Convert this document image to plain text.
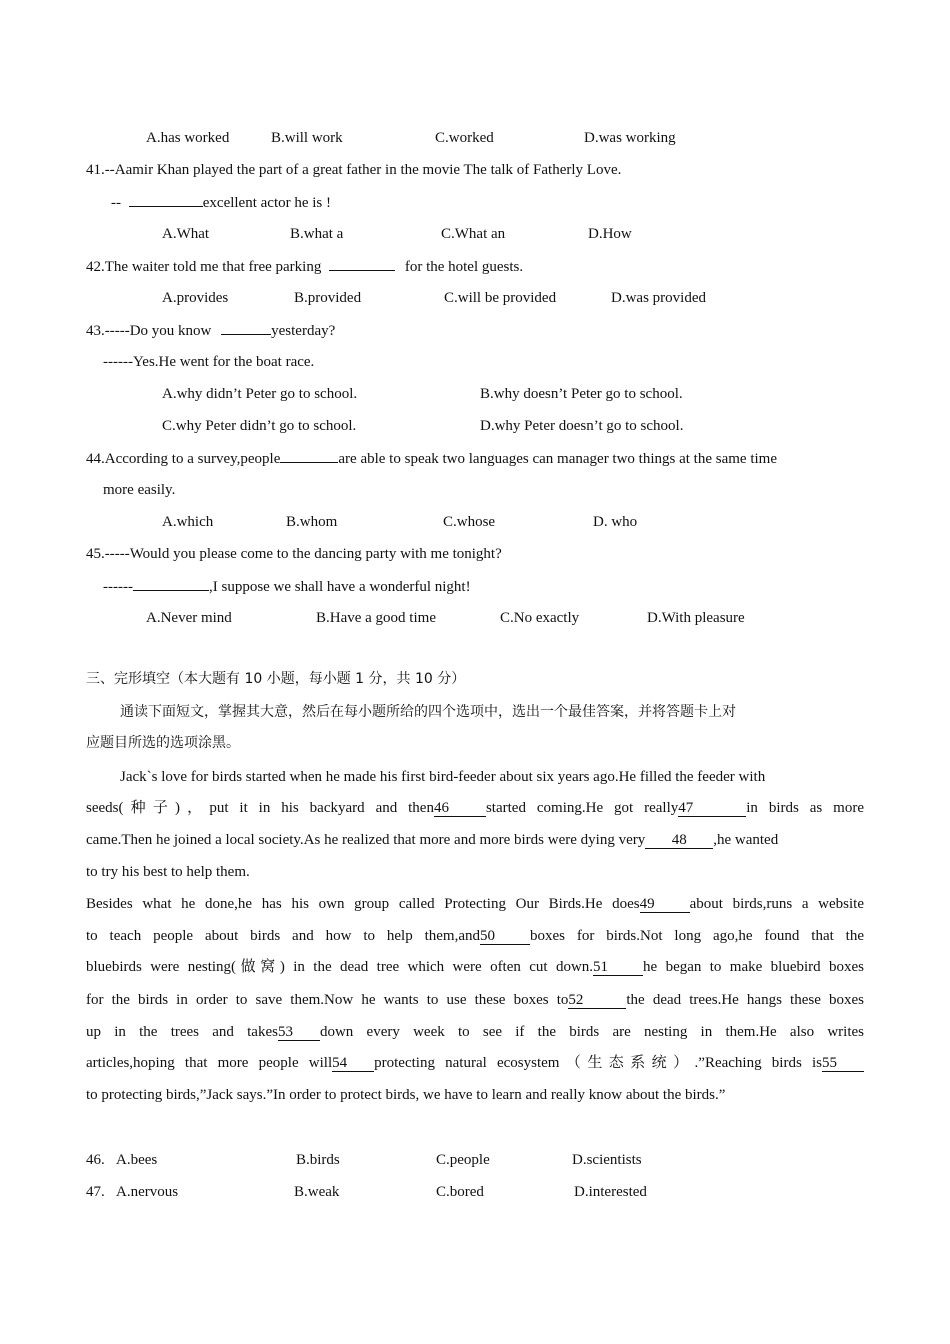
A.has worked	B.will work	C.worked	D.was working
41.--Aamir Khan played the part of a great father in the movie The talk of Fatherly Love.
--	excellent actor he is !
A.What	B.what a	C.What an	D.How
42.The waiter told me that free parking	for the hotel guests.
A.provides	B.provided	C.will be provided	D.was provided
43.-----Do you know	yesterday?
------Yes.He went for the boat race.
A.why didn’t Peter go to school.	B.why doesn’t Peter go to school.
C.why Peter didn’t go to school.	D.why Peter doesn’t go to school.
44.According to a survey,people	are able to speak two languages can manager two things at the same time
more easily.
A.which	B.whom	C.whose	D. who
45.-----Would you please come to the dancing party with me tonight?
------	,I suppose we shall have a wonderful night!
A.Never mind	B.Have a good time	C.No exactly	D.With pleasure
三、完形填空（本大题有 10 小题，每小题 1 分，共 10 分）
通读下面短文，掌握其大意，然后在每小题所给的四个选项中，选出一个最佳答案，并将答题卡上对
应题目所选的选项涂黑。
Jack`s love for birds started when he made his first bird-feeder about six years ago.He filled the feeder with
seeds(种子)，put it in his backyard and then46 started coming.He got really47	in birds as more
came.Then he joined a local society.As he realized that more and more birds were dying very 48 ,he wanted
to try his best to help them.
Besides what he done,he has his own group called Protecting Our Birds.He does49 about birds,runs a website
to teach people about birds and how to help them,and50 boxes for birds.Not long ago,he found that the
bluebirds were nesting(做窝) in the dead tree which were often cut down.51 he began to make bluebird boxes
for the birds in order to save them.Now he wants to use these boxes to52	the dead trees.He hangs these boxes
up in the trees and takes53 down every week to see if the birds are nesting in them.He also writes
articles,hoping that more people will54 protecting natural ecosystem（生态系统）.”Reaching birds is55
to protecting birds,”Jack says.”In order to protect birds, we have to learn and really know about the birds.”
46. A.bees	B.birds	C.people	D.scientists
47. A.nervous	B.weak	C.bored	D.interested
